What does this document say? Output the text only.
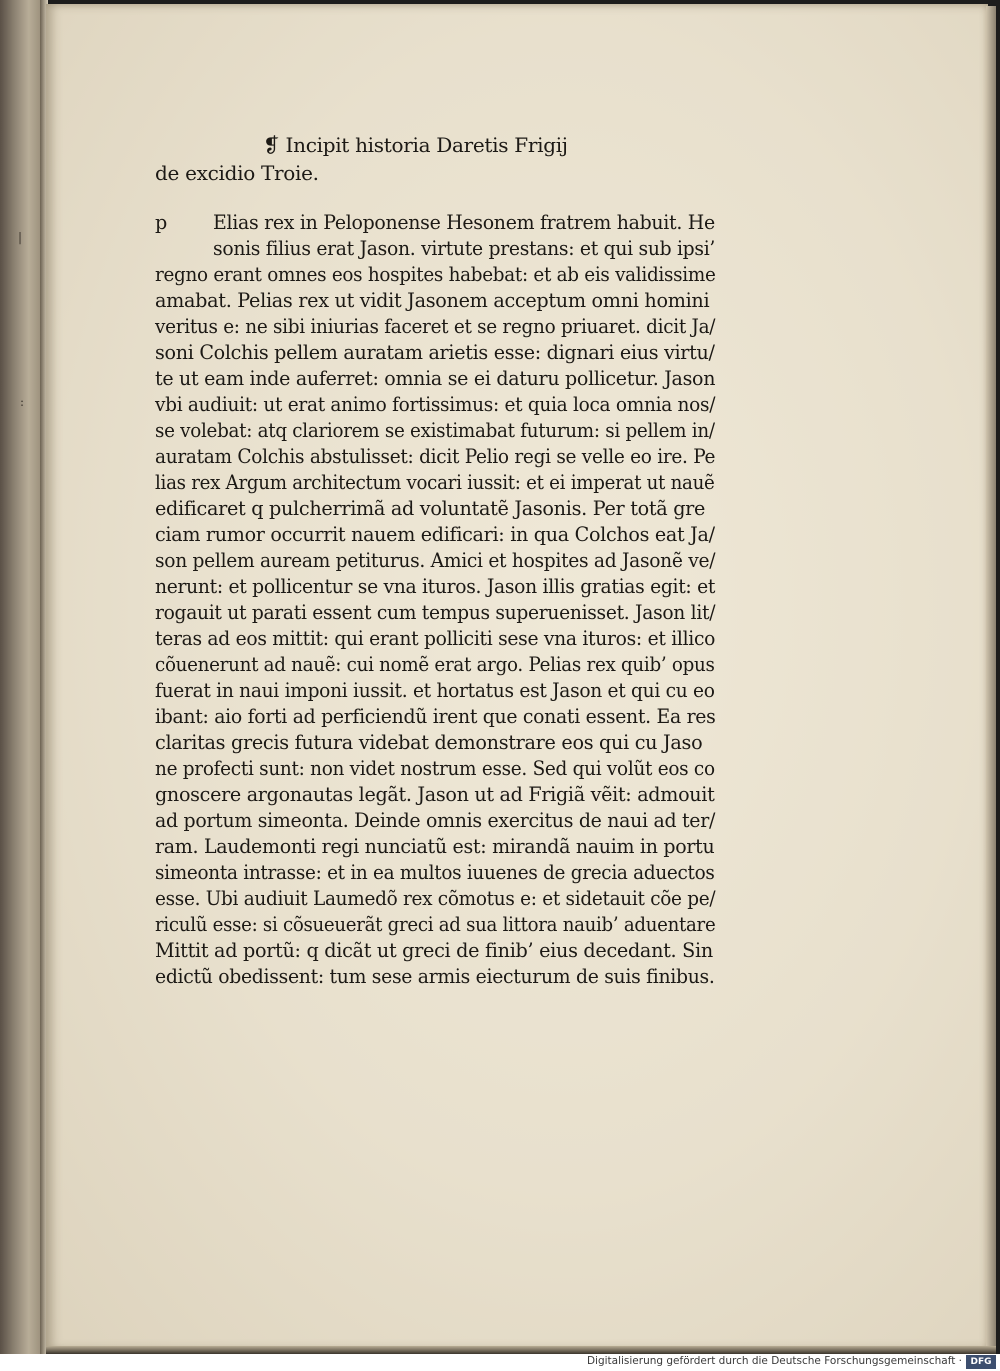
|
:
❡ Incipit historia Daretis Frigij
de excidio Troie.
p Elias rex in Peloponense Hesonem fratrem habuit. He
sonis filius erat Jason. virtute prestans: et qui sub ipsi’
regno erant omnes eos hospites habebat: et ab eis validissime
amabat. Pelias rex ut vidit Jasonem acceptum omni homini
veritus e: ne sibi iniurias faceret et se regno priuaret. dicit Ja/
soni Colchis pellem auratam arietis esse: dignari eius virtu/
te ut eam inde auferret: omnia se ei daturu pollicetur. Jason
vbi audiuit: ut erat animo fortissimus: et quia loca omnia nos/
se volebat: atq clariorem se existimabat futurum: si pellem in/
auratam Colchis abstulisset: dicit Pelio regi se velle eo ire. Pe
lias rex Argum architectum vocari iussit: et ei imperat ut nauẽ
edificaret q pulcherrimã ad voluntatẽ Jasonis. Per totã gre
ciam rumor occurrit nauem edificari: in qua Colchos eat Ja/
son pellem auream petiturus. Amici et hospites ad Jasonẽ ve/
nerunt: et pollicentur se vna ituros. Jason illis gratias egit: et
rogauit ut parati essent cum tempus superuenisset. Jason lit/
teras ad eos mittit: qui erant polliciti sese vna ituros: et illico
cõuenerunt ad nauẽ: cui nomẽ erat argo. Pelias rex quib’ opus
fuerat in naui imponi iussit. et hortatus est Jason et qui cu eo
ibant: aio forti ad perficiendũ irent que conati essent. Ea res
claritas grecis futura videbat demonstrare eos qui cu Jaso
ne profecti sunt: non videt nostrum esse. Sed qui volũt eos co
gnoscere argonautas legãt. Jason ut ad Frigiã vẽit: admouit
ad portum simeonta. Deinde omnis exercitus de naui ad ter/
ram. Laudemonti regi nunciatũ est: mirandã nauim in portu
simeonta intrasse: et in ea multos iuuenes de grecia aduectos
esse. Ubi audiuit Laumedõ rex cõmotus e: et sidetauit cõe pe/
riculũ esse: si cõsueuerãt greci ad sua littora nauib’ aduentare
Mittit ad portũ: q dicãt ut greci de finib’ eius decedant. Sin
edictũ obedissent: tum sese armis eiecturum de suis finibus.
Digitalisierung gefördert durch die Deutsche Forschungsgemeinschaft · DFG
